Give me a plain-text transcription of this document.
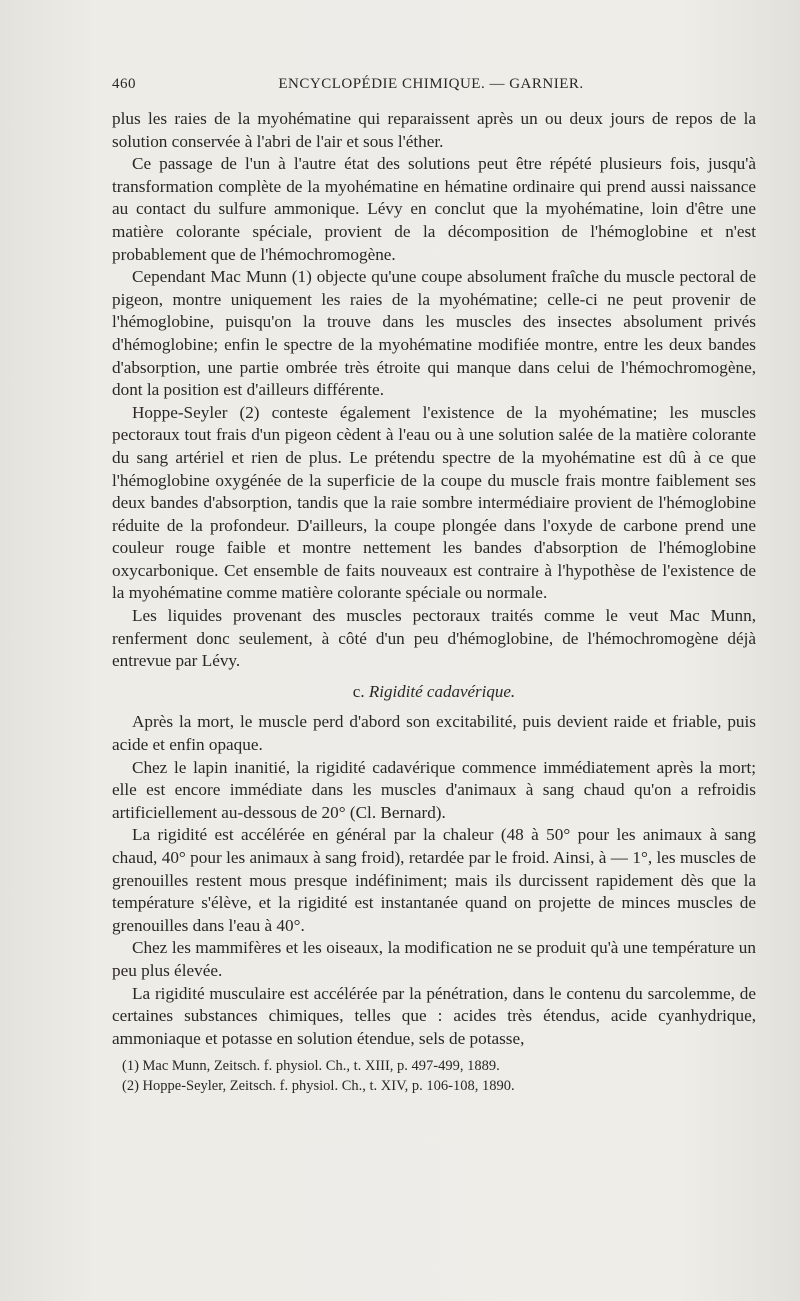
460	ENCYCLOPÉDIE CHIMIQUE. — GARNIER.

plus les raies de la myohématine qui reparaissent après un ou deux jours de repos de la solution conservée à l'abri de l'air et sous l'éther.

Ce passage de l'un à l'autre état des solutions peut être répété plusieurs fois, jusqu'à transformation complète de la myohématine en hématine ordinaire qui prend aussi naissance au contact du sulfure ammonique. Lévy en conclut que la myohématine, loin d'être une matière colorante spéciale, provient de la décomposition de l'hémoglobine et n'est probablement que de l'hémochromogène.

Cependant Mac Munn (1) objecte qu'une coupe absolument fraîche du muscle pectoral de pigeon, montre uniquement les raies de la myohématine; celle-ci ne peut provenir de l'hémoglobine, puisqu'on la trouve dans les muscles des insectes absolument privés d'hémoglobine; enfin le spectre de la myohématine modifiée montre, entre les deux bandes d'absorption, une partie ombrée très étroite qui manque dans celui de l'hémochromogène, dont la position est d'ailleurs différente.

Hoppe-Seyler (2) conteste également l'existence de la myohématine; les muscles pectoraux tout frais d'un pigeon cèdent à l'eau ou à une solution salée de la matière colorante du sang artériel et rien de plus. Le prétendu spectre de la myohématine est dû à ce que l'hémoglobine oxygénée de la superficie de la coupe du muscle frais montre faiblement ses deux bandes d'absorption, tandis que la raie sombre intermédiaire provient de l'hémoglobine réduite de la profondeur. D'ailleurs, la coupe plongée dans l'oxyde de carbone prend une couleur rouge faible et montre nettement les bandes d'absorption de l'hémoglobine oxycarbonique. Cet ensemble de faits nouveaux est contraire à l'hypothèse de l'existence de la myohématine comme matière colorante spéciale ou normale.

Les liquides provenant des muscles pectoraux traités comme le veut Mac Munn, renferment donc seulement, à côté d'un peu d'hémoglobine, de l'hémochromogène déjà entrevue par Lévy.

c. Rigidité cadavérique.

Après la mort, le muscle perd d'abord son excitabilité, puis devient raide et friable, puis acide et enfin opaque.

Chez le lapin inanitié, la rigidité cadavérique commence immédiatement après la mort; elle est encore immédiate dans les muscles d'animaux à sang chaud qu'on a refroidis artificiellement au-dessous de 20° (Cl. Bernard).

La rigidité est accélérée en général par la chaleur (48 à 50° pour les animaux à sang chaud, 40° pour les animaux à sang froid), retardée par le froid. Ainsi, à — 1°, les muscles de grenouilles restent mous presque indéfiniment; mais ils durcissent rapidement dès que la température s'élève, et la rigidité est instantanée quand on projette de minces muscles de grenouilles dans l'eau à 40°.

Chez les mammifères et les oiseaux, la modification ne se produit qu'à une température un peu plus élevée.

La rigidité musculaire est accélérée par la pénétration, dans le contenu du sarcolemme, de certaines substances chimiques, telles que : acides très étendus, acide cyanhydrique, ammoniaque et potasse en solution étendue, sels de potasse,

(1) Mac Munn, Zeitsch. f. physiol. Ch., t. XIII, p. 497-499, 1889.
(2) Hoppe-Seyler, Zeitsch. f. physiol. Ch., t. XIV, p. 106-108, 1890.
